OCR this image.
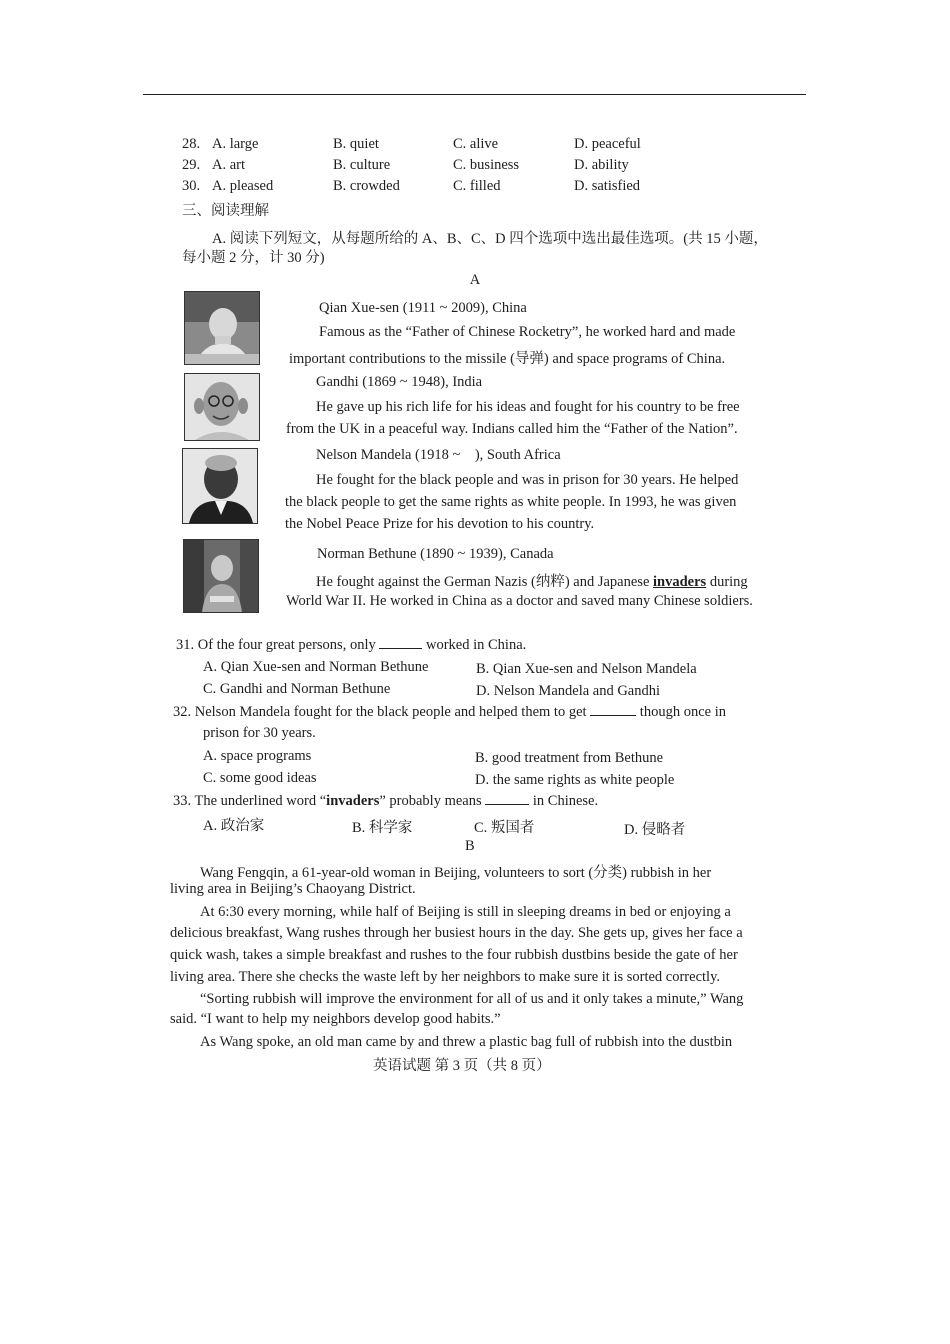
28. A. large	B. quiet	C. alive	D. peaceful
29. A. art	B. culture	C. business	D. ability
30. A. pleased	B. crowded	C. filled	D. satisfied
三、阅读理解
A. 阅读下列短文，从每题所给的 A、B、C、D 四个选项中选出最佳选项。(共 15 小题，
每小题 2 分，计 30 分)
A
Qian Xue-sen (1911 ~ 2009), China
Famous as the “Father of Chinese Rocketry”, he worked hard and made
important contributions to the missile (导弹) and space programs of China.
Gandhi (1869 ~ 1948), India
He gave up his rich life for his ideas and fought for his country to be free
from the UK in a peaceful way. Indians called him the “Father of the Nation”.
Nelson Mandela (1918 ~    ), South Africa
He fought for the black people and was in prison for 30 years. He helped
the black people to get the same rights as white people. In 1993, he was given
the Nobel Peace Prize for his devotion to his country.
Norman Bethune (1890 ~ 1939), Canada
He fought against the German Nazis (纳粹) and Japanese invaders during
World War II. He worked in China as a doctor and saved many Chinese soldiers.
31. Of the four great persons, only	worked in China.
A. Qian Xue-sen and Norman Bethune	B. Qian Xue-sen and Nelson Mandela
C. Gandhi and Norman Bethune	D. Nelson Mandela and Gandhi
32. Nelson Mandela fought for the black people and helped them to get	though once in
prison for 30 years.
A. space programs	B. good treatment from Bethune
C. some good ideas	D. the same rights as white people
33. The underlined word “invaders” probably means	in Chinese.
A. 政治家	B. 科学家	C. 叛国者	D. 侵略者
B
Wang Fengqin, a 61-year-old woman in Beijing, volunteers to sort (分类) rubbish in her
living area in Beijing’s Chaoyang District.
At 6:30 every morning, while half of Beijing is still in sleeping dreams in bed or enjoying a
delicious breakfast, Wang rushes through her busiest hours in the day. She gets up, gives her face a
quick wash, takes a simple breakfast and rushes to the four rubbish dustbins beside the gate of her
living area. There she checks the waste left by her neighbors to make sure it is sorted correctly.
“Sorting rubbish will improve the environment for all of us and it only takes a minute,” Wang
said. “I want to help my neighbors develop good habits.”
As Wang spoke, an old man came by and threw a plastic bag full of rubbish into the dustbin
英语试题 第 3 页（共 8 页）
